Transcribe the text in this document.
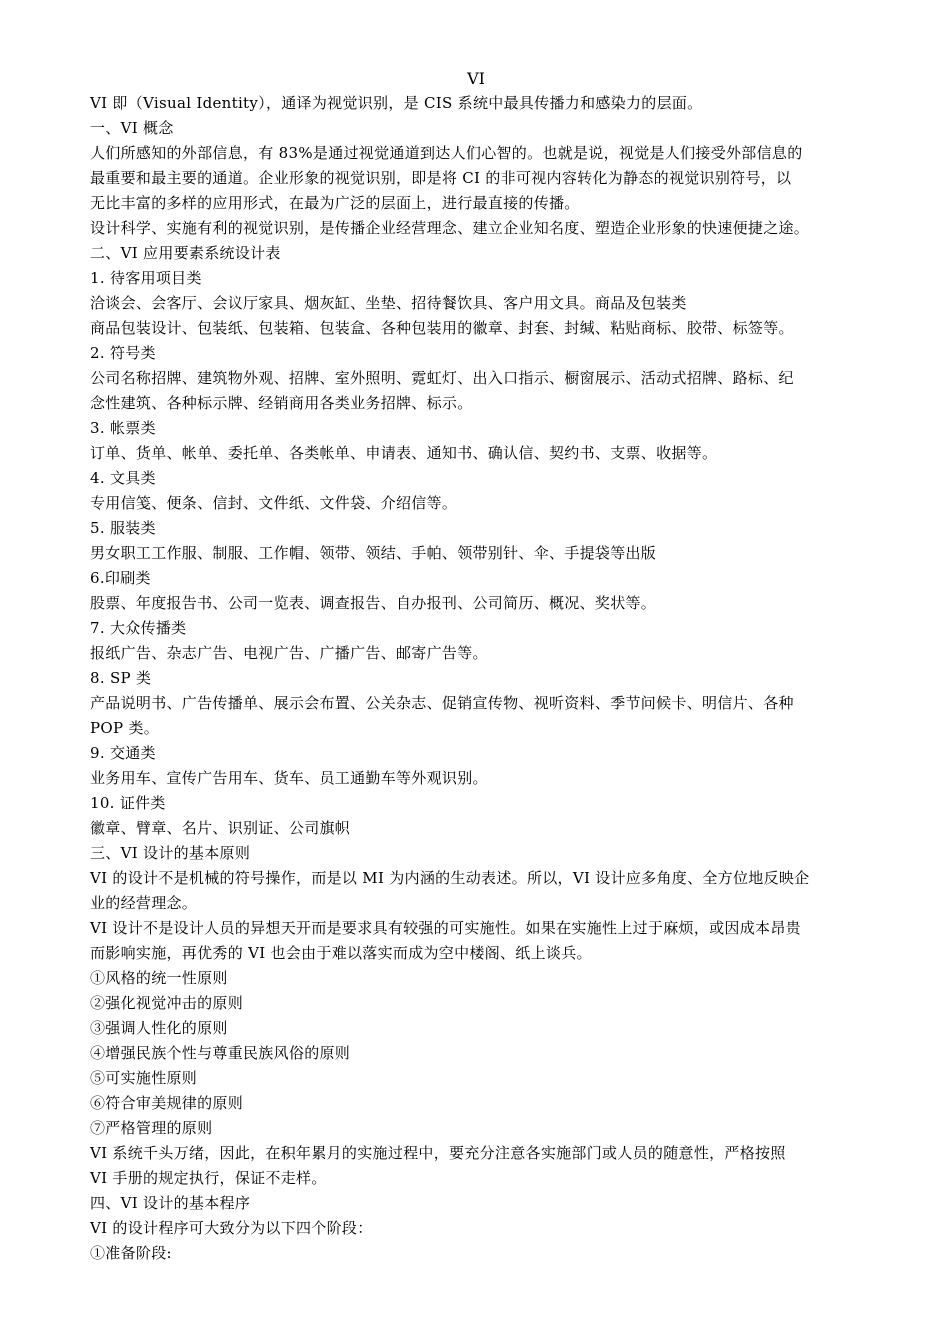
VI

VI 即（Visual Identity），通译为视觉识别，是 CIS 系统中最具传播力和感染力的层面。

一、VI 概念

人们所感知的外部信息，有 83%是通过视觉通道到达人们心智的。也就是说，视觉是人们接受外部信息的

最重要和最主要的通道。企业形象的视觉识别，即是将 CI 的非可视内容转化为静态的视觉识别符号，以

无比丰富的多样的应用形式，在最为广泛的层面上，进行最直接的传播。

设计科学、实施有利的视觉识别，是传播企业经营理念、建立企业知名度、塑造企业形象的快速便捷之途。

二、VI 应用要素系统设计表

1. 待客用项目类

洽谈会、会客厅、会议厅家具、烟灰缸、坐垫、招待餐饮具、客户用文具。商品及包装类

商品包装设计、包装纸、包装箱、包装盒、各种包装用的徽章、封套、封缄、粘贴商标、胶带、标签等。

2. 符号类

公司名称招牌、建筑物外观、招牌、室外照明、霓虹灯、出入口指示、橱窗展示、活动式招牌、路标、纪

念性建筑、各种标示牌、经销商用各类业务招牌、标示。

3. 帐票类

订单、货单、帐单、委托单、各类帐单、申请表、通知书、确认信、契约书、支票、收据等。

4. 文具类

专用信笺、便条、信封、文件纸、文件袋、介绍信等。

5. 服装类

男女职工工作服、制服、工作帽、领带、领结、手帕、领带别针、伞、手提袋等出版

6.印刷类

股票、年度报告书、公司一览表、调查报告、自办报刊、公司简历、概况、奖状等。

7. 大众传播类

报纸广告、杂志广告、电视广告、广播广告、邮寄广告等。

8. SP 类

产品说明书、广告传播单、展示会布置、公关杂志、促销宣传物、视听资料、季节问候卡、明信片、各种

POP 类。

9. 交通类

业务用车、宣传广告用车、货车、员工通勤车等外观识别。

10. 证件类

徽章、臂章、名片、识别证、公司旗帜

三、VI 设计的基本原则

VI 的设计不是机械的符号操作，而是以 MI 为内涵的生动表述。所以，VI 设计应多角度、全方位地反映企

业的经营理念。

VI 设计不是设计人员的异想天开而是要求具有较强的可实施性。如果在实施性上过于麻烦，或因成本昂贵

而影响实施，再优秀的 VI 也会由于难以落实而成为空中楼阁、纸上谈兵。

①风格的统一性原则

②强化视觉冲击的原则

③强调人性化的原则

④增强民族个性与尊重民族风俗的原则

⑤可实施性原则

⑥符合审美规律的原则

⑦严格管理的原则

VI 系统千头万绪，因此，在积年累月的实施过程中，要充分注意各实施部门或人员的随意性，严格按照

VI 手册的规定执行，保证不走样。

四、VI 设计的基本程序

VI 的设计程序可大致分为以下四个阶段：

①准备阶段:
